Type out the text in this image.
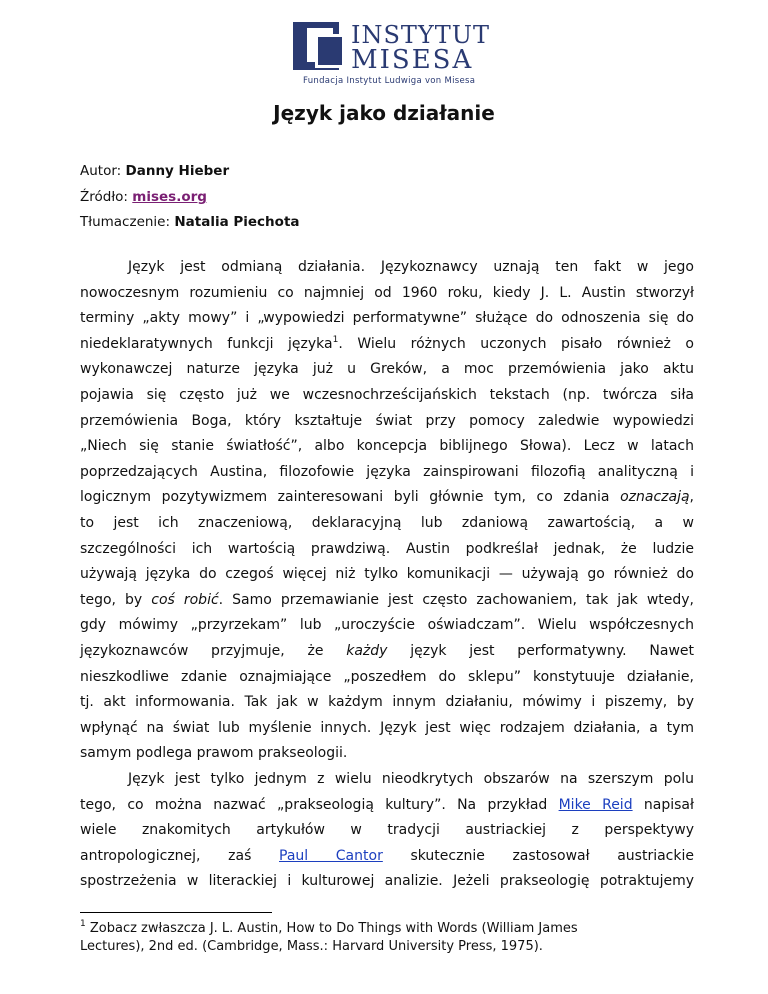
INSTYTUT
MISESA
Fundacja Instytut Ludwiga von Misesa
Język jako działanie
Autor: Danny Hieber
Źródło: mises.org
Tłumaczenie: Natalia Piechota
Język jest odmianą działania. Językoznawcy uznają ten fakt w jego
nowoczesnym rozumieniu co najmniej od 1960 roku, kiedy J. L. Austin stworzył
terminy „akty mowy” i „wypowiedzi performatywne” służące do odnoszenia się do
niedeklaratywnych funkcji języka$^1$. Wielu różnych uczonych pisało również o
wykonawczej naturze języka już u Greków, a moc przemówienia jako aktu
pojawia się często już we wczesnochrześcijańskich tekstach (np. twórcza siła
przemówienia Boga, który kształtuje świat przy pomocy zaledwie wypowiedzi
„Niech się stanie światłość”, albo koncepcja biblijnego Słowa). Lecz w latach
poprzedzających Austina, filozofowie języka zainspirowani filozofią analityczną i
logicznym pozytywizmem zainteresowani byli głównie tym, co zdania oznaczają,
to jest ich znaczeniową, deklaracyjną lub zdaniową zawartością, a w
szczególności ich wartością prawdziwą. Austin podkreślał jednak, że ludzie
używają języka do czegoś więcej niż tylko komunikacji — używają go również do
tego, by coś robić. Samo przemawianie jest często zachowaniem, tak jak wtedy,
gdy mówimy „przyrzekam” lub „uroczyście oświadczam”. Wielu współczesnych
językoznawców przyjmuje, że każdy język jest performatywny. Nawet
nieszkodliwe zdanie oznajmiające „poszedłem do sklepu” konstytuuje działanie,
tj. akt informowania. Tak jak w każdym innym działaniu, mówimy i piszemy, by
wpłynąć na świat lub myślenie innych. Język jest więc rodzajem działania, a tym
samym podlega prawom prakseologii.
$^1$ Zobacz zwłaszcza J. L. Austin, How to Do Things with Words (William James
Lectures), 2nd ed. (Cambridge, Mass.: Harvard University Press, 1975).
Język jest tylko jednym z wielu nieodkrytych obszarów na szerszym polu
tego, co można nazwać „prakseologią kultury”. Na przykład Mike Reid napisał
wiele znakomitych artykułów w tradycji austriackiej z perspektywy
antropologicznej, zaś Paul Cantor skutecznie zastosował austriackie
spostrzeżenia w literackiej i kulturowej analizie. Jeżeli prakseologię potraktujemy
